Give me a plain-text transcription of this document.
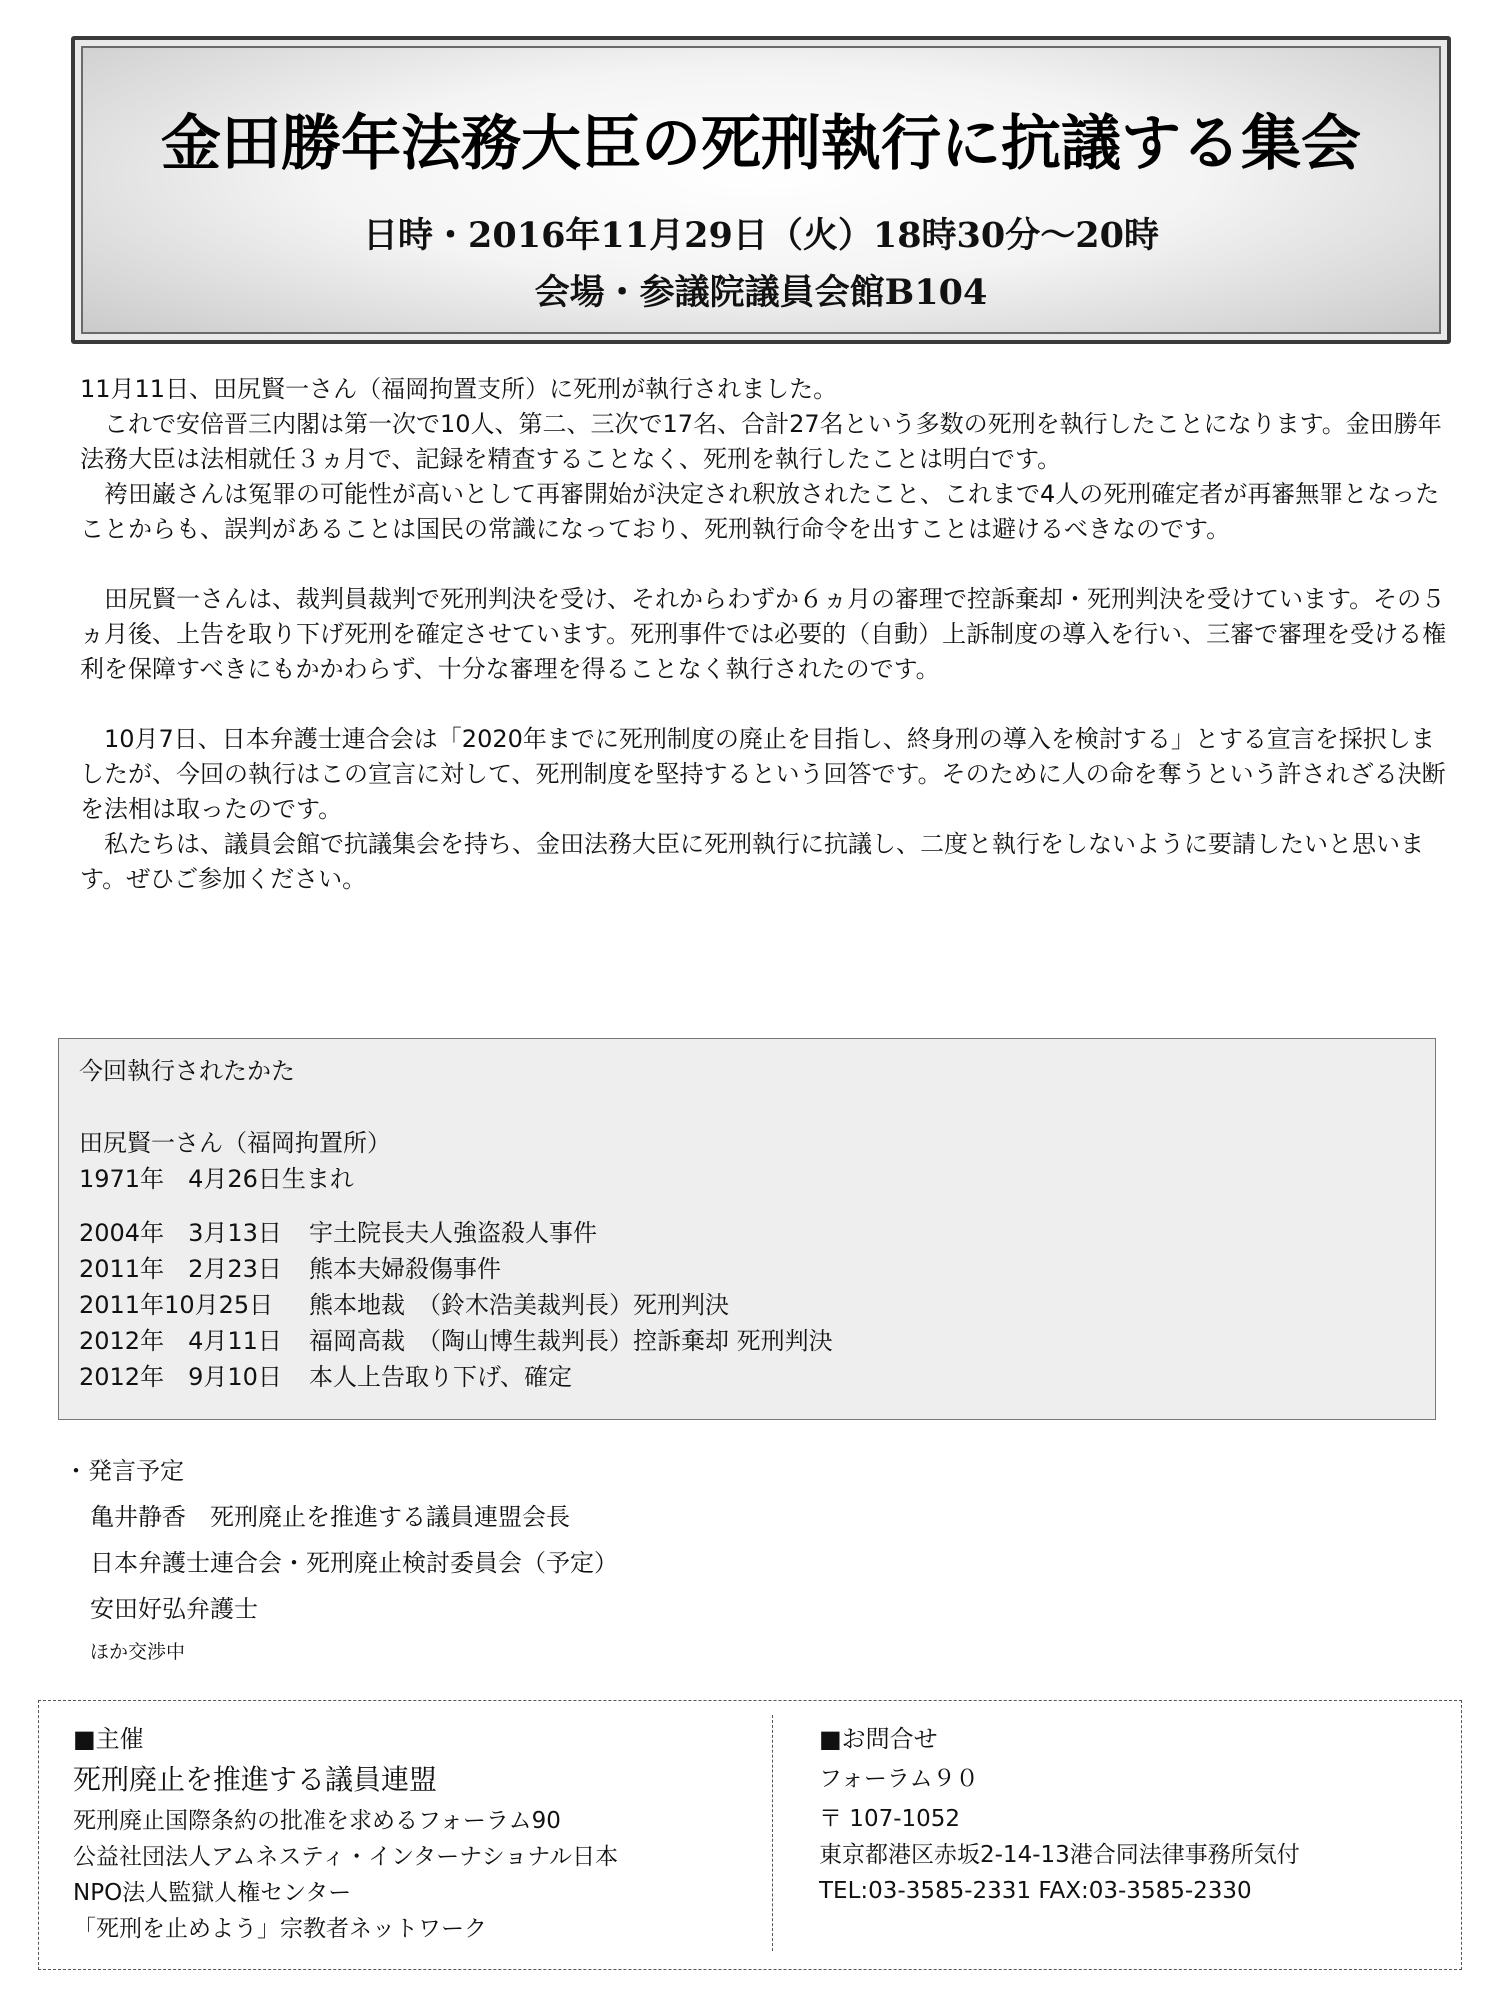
金田勝年法務大臣の死刑執行に抗議する集会
日時・2016年11月29日（火）18時30分～20時
会場・参議院議員会館B104

11月11日、田尻賢一さん（福岡拘置支所）に死刑が執行されました。

　これで安倍晋三内閣は第一次で10人、第二、三次で17名、合計27名という多数の死刑を執行したことになります。金田勝年法務大臣は法相就任３ヵ月で、記録を精査することなく、死刑を執行したことは明白です。

　袴田巌さんは冤罪の可能性が高いとして再審開始が決定され釈放されたこと、これまで4人の死刑確定者が再審無罪となったことからも、誤判があることは国民の常識になっており、死刑執行命令を出すことは避けるべきなのです。

　田尻賢一さんは、裁判員裁判で死刑判決を受け、それからわずか６ヵ月の審理で控訴棄却・死刑判決を受けています。その５ヵ月後、上告を取り下げ死刑を確定させています。死刑事件では必要的（自動）上訴制度の導入を行い、三審で審理を受ける権利を保障すべきにもかかわらず、十分な審理を得ることなく執行されたのです。

　10月7日、日本弁護士連合会は「2020年までに死刑制度の廃止を目指し、終身刑の導入を検討する」とする宣言を採択しましたが、今回の執行はこの宣言に対して、死刑制度を堅持するという回答です。そのために人の命を奪うという許されざる決断を法相は取ったのです。

　私たちは、議員会館で抗議集会を持ち、金田法務大臣に死刑執行に抗議し、二度と執行をしないように要請したいと思います。ぜひご参加ください。

今回執行されたかた
田尻賢一さん（福岡拘置所）
1971年　4月26日生まれ
2004年　3月13日	宇土院長夫人強盗殺人事件
2011年　2月23日	熊本夫婦殺傷事件
2011年10月25日	熊本地裁　（鈴木浩美裁判長）死刑判決
2012年　4月11日	福岡高裁　（陶山博生裁判長）控訴棄却 死刑判決
2012年　9月10日	本人上告取り下げ、確定
・発言予定
亀井静香　死刑廃止を推進する議員連盟会長
日本弁護士連合会・死刑廃止検討委員会（予定）
安田好弘弁護士
ほか交渉中
■主催
死刑廃止を推進する議員連盟
死刑廃止国際条約の批准を求めるフォーラム90
公益社団法人アムネスティ・インターナショナル日本
NPO法人監獄人権センター
「死刑を止めよう」宗教者ネットワーク
■お問合せ
フォーラム９０
〒 107-1052
東京都港区赤坂2-14-13港合同法律事務所気付
TEL:03-3585-2331 FAX:03-3585-2330
